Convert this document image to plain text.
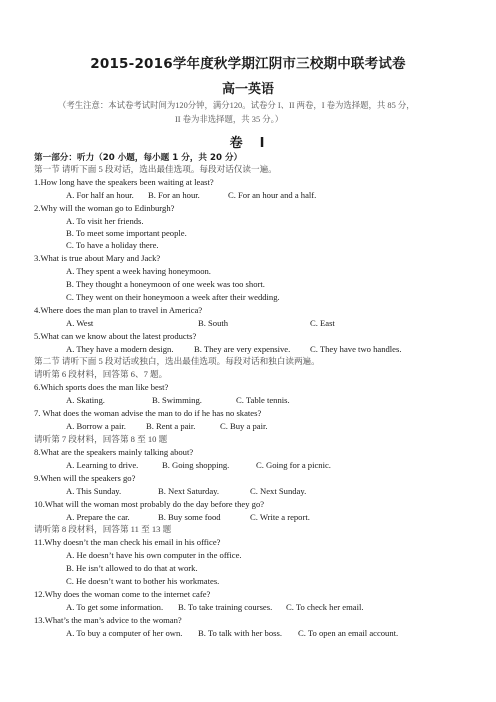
2015-2016学年度秋学期江阴市三校期中联考试卷
高一英语
（考生注意：本试卷考试时间为120分钟，满分120。试卷分 I、II 两卷，I 卷为选择题，共 85 分，
II 卷为非选择题，共 35 分。）
卷　I
第一部分：听力（20 小题，每小题 1 分，共 20 分）
第一节 请听下面 5 段对话，选出最佳选项。每段对话仅读一遍。
1.How long have the speakers been waiting at least?
A. For half an hour. B. For an hour.	C. For an hour and a half.
2.Why will the woman go to Edinburgh?
A. To visit her friends.
B. To meet some important people.
C. To have a holiday there.
3.What is true about Mary and Jack?
A. They spent a week having honeymoon.
B. They thought a honeymoon of one week was too short.
C. They went on their honeymoon a week after their wedding.
4.Where does the man plan to travel in America?
A. West	B. South	C. East
5.What can we know about the latest products?
A. They have a modern design. B. They are very expensive. C. They have two handles.
第二节 请听下面 5 段对话或独白，选出最佳选项。每段对话和独白读两遍。
请听第 6 段材料，回答第 6、7 题。
6.Which sports does the man like best?
A. Skating.	B. Swimming.	C. Table tennis.
7. What does the woman advise the man to do if he has no skates?
A. Borrow a pair. B. Rent a pair.	C. Buy a pair.
请听第 7 段材料，回答第 8 至 10 题
8.What are the speakers mainly talking about?
A. Learning to drive.	B. Going shopping.	C. Going for a picnic.
9.When will the speakers go?
A. This Sunday.	B. Next Saturday.	C. Next Sunday.
10.What will the woman most probably do the day before they go?
A. Prepare the car.	B. Buy some food	C. Write a report.
请听第 8 段材料，回答第 11 至 13 题
11.Why doesn’t the man check his email in his office?
A. He doesn’t have his own computer in the office.
B. He isn’t allowed to do that at work.
C. He doesn’t want to bother his workmates.
12.Why does the woman come to the internet cafe?
A. To get some information. B. To take training courses. C. To check her email.
13.What’s the man’s advice to the woman?
A. To buy a computer of her own. B. To talk with her boss. C. To open an email account.
